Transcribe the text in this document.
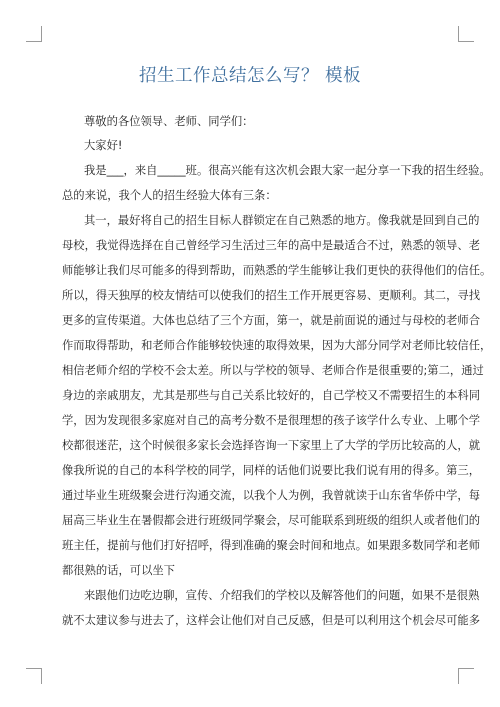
招生工作总结怎么写？ 模板
尊敬的各位领导、老师、同学们：
大家好!
我是___，来自_____班。很高兴能有这次机会跟大家一起分享一下我的招生经验。
总的来说，我个人的招生经验大体有三条：
其一，最好将自己的招生目标人群锁定在自己熟悉的地方。像我就是回到自己的
母校，我觉得选择在自己曾经学习生活过三年的高中是最适合不过，熟悉的领导、老
师能够让我们尽可能多的得到帮助，而熟悉的学生能够让我们更快的获得他们的信任。
所以，得天独厚的校友情结可以使我们的招生工作开展更容易、更顺利。其二，寻找
更多的宣传渠道。大体也总结了三个方面，第一，就是前面说的通过与母校的老师合
作而取得帮助，和老师合作能够较快速的取得效果，因为大部分同学对老师比较信任，
相信老师介绍的学校不会太差。所以与学校的领导、老师合作是很重要的;第二，通过
身边的亲戚朋友，尤其是那些与自己关系比较好的，自己学校又不需要招生的本科同
学，因为发现很多家庭对自己的高考分数不是很理想的孩子该学什么专业、上哪个学
校都很迷茫，这个时候很多家长会选择咨询一下家里上了大学的学历比较高的人，就
像我所说的自己的本科学校的同学，同样的话他们说要比我们说有用的得多。第三，
通过毕业生班级聚会进行沟通交流，以我个人为例，我曾就读于山东省华侨中学，每
届高三毕业生在暑假都会进行班级同学聚会，尽可能联系到班级的组织人或者他们的
班主任，提前与他们打好招呼，得到准确的聚会时间和地点。如果跟多数同学和老师
都很熟的话，可以坐下
来跟他们边吃边聊，宣传、介绍我们的学校以及解答他们的问题，如果不是很熟
就不太建议参与进去了，这样会让他们对自己反感，但是可以利用这个机会尽可能多
